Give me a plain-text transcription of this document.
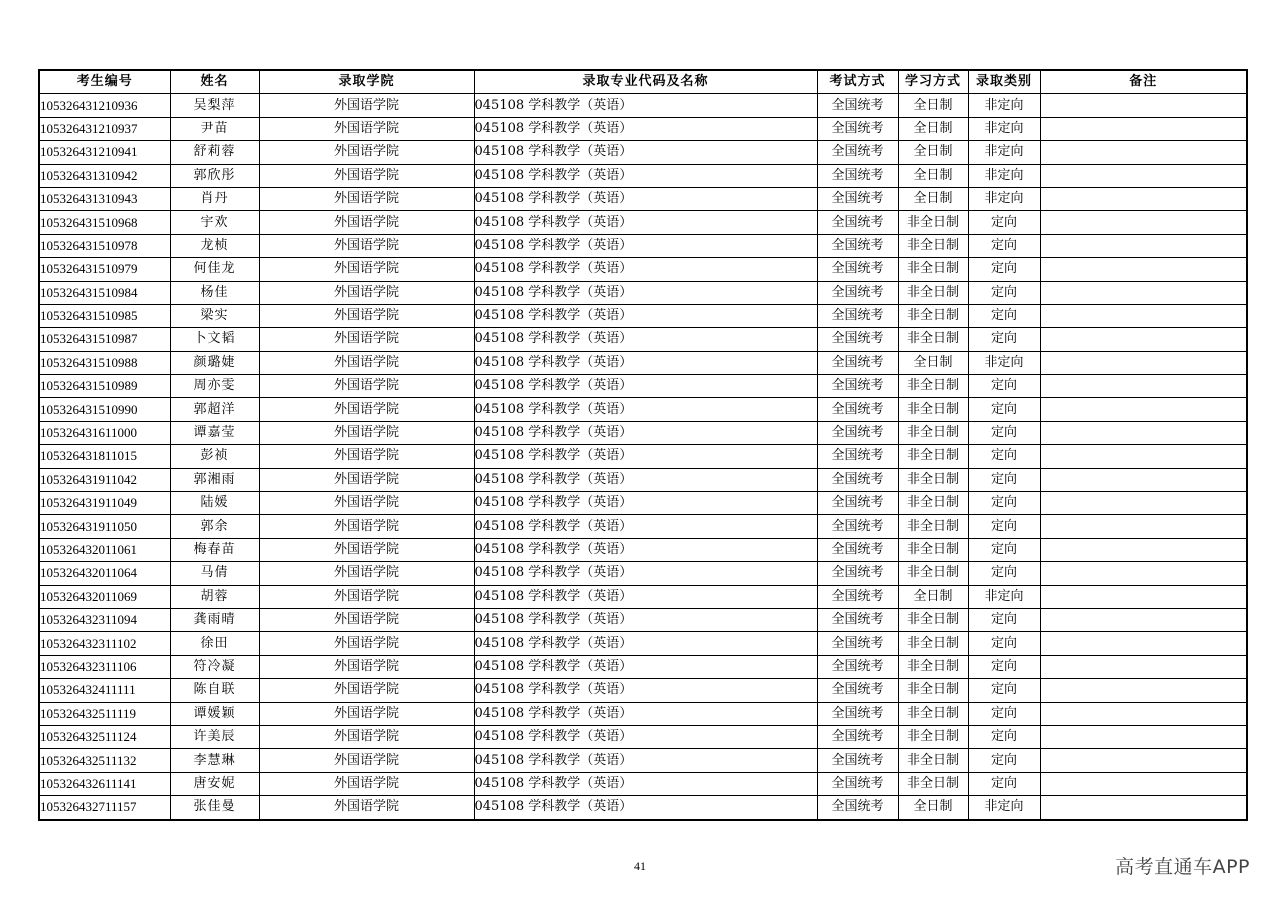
考生编号	姓名	录取学院	录取专业代码及名称	考试方式	学习方式	录取类别	备注
105326431210936	吴梨萍	外国语学院	045108 学科教学（英语）	全国统考	全日制	非定向	
105326431210937	尹苗	外国语学院	045108 学科教学（英语）	全国统考	全日制	非定向	
105326431210941	舒莉蓉	外国语学院	045108 学科教学（英语）	全国统考	全日制	非定向	
105326431310942	郭欣彤	外国语学院	045108 学科教学（英语）	全国统考	全日制	非定向	
105326431310943	肖丹	外国语学院	045108 学科教学（英语）	全国统考	全日制	非定向	
105326431510968	宇欢	外国语学院	045108 学科教学（英语）	全国统考	非全日制	定向	
105326431510978	龙桢	外国语学院	045108 学科教学（英语）	全国统考	非全日制	定向	
105326431510979	何佳龙	外国语学院	045108 学科教学（英语）	全国统考	非全日制	定向	
105326431510984	杨佳	外国语学院	045108 学科教学（英语）	全国统考	非全日制	定向	
105326431510985	梁实	外国语学院	045108 学科教学（英语）	全国统考	非全日制	定向	
105326431510987	卜文韬	外国语学院	045108 学科教学（英语）	全国统考	非全日制	定向	
105326431510988	颜璐婕	外国语学院	045108 学科教学（英语）	全国统考	全日制	非定向	
105326431510989	周亦雯	外国语学院	045108 学科教学（英语）	全国统考	非全日制	定向	
105326431510990	郭超洋	外国语学院	045108 学科教学（英语）	全国统考	非全日制	定向	
105326431611000	谭嘉莹	外国语学院	045108 学科教学（英语）	全国统考	非全日制	定向	
105326431811015	彭祯	外国语学院	045108 学科教学（英语）	全国统考	非全日制	定向	
105326431911042	郭湘雨	外国语学院	045108 学科教学（英语）	全国统考	非全日制	定向	
105326431911049	陆媛	外国语学院	045108 学科教学（英语）	全国统考	非全日制	定向	
105326431911050	郭余	外国语学院	045108 学科教学（英语）	全国统考	非全日制	定向	
105326432011061	梅春苗	外国语学院	045108 学科教学（英语）	全国统考	非全日制	定向	
105326432011064	马倩	外国语学院	045108 学科教学（英语）	全国统考	非全日制	定向	
105326432011069	胡蓉	外国语学院	045108 学科教学（英语）	全国统考	全日制	非定向	
105326432311094	龚雨晴	外国语学院	045108 学科教学（英语）	全国统考	非全日制	定向	
105326432311102	徐田	外国语学院	045108 学科教学（英语）	全国统考	非全日制	定向	
105326432311106	符冷凝	外国语学院	045108 学科教学（英语）	全国统考	非全日制	定向	
105326432411111	陈自联	外国语学院	045108 学科教学（英语）	全国统考	非全日制	定向	
105326432511119	谭媛颖	外国语学院	045108 学科教学（英语）	全国统考	非全日制	定向	
105326432511124	许美辰	外国语学院	045108 学科教学（英语）	全国统考	非全日制	定向	
105326432511132	李慧琳	外国语学院	045108 学科教学（英语）	全国统考	非全日制	定向	
105326432611141	唐安妮	外国语学院	045108 学科教学（英语）	全国统考	非全日制	定向	
105326432711157	张佳曼	外国语学院	045108 学科教学（英语）	全国统考	全日制	非定向	
41	高考直通车APP
